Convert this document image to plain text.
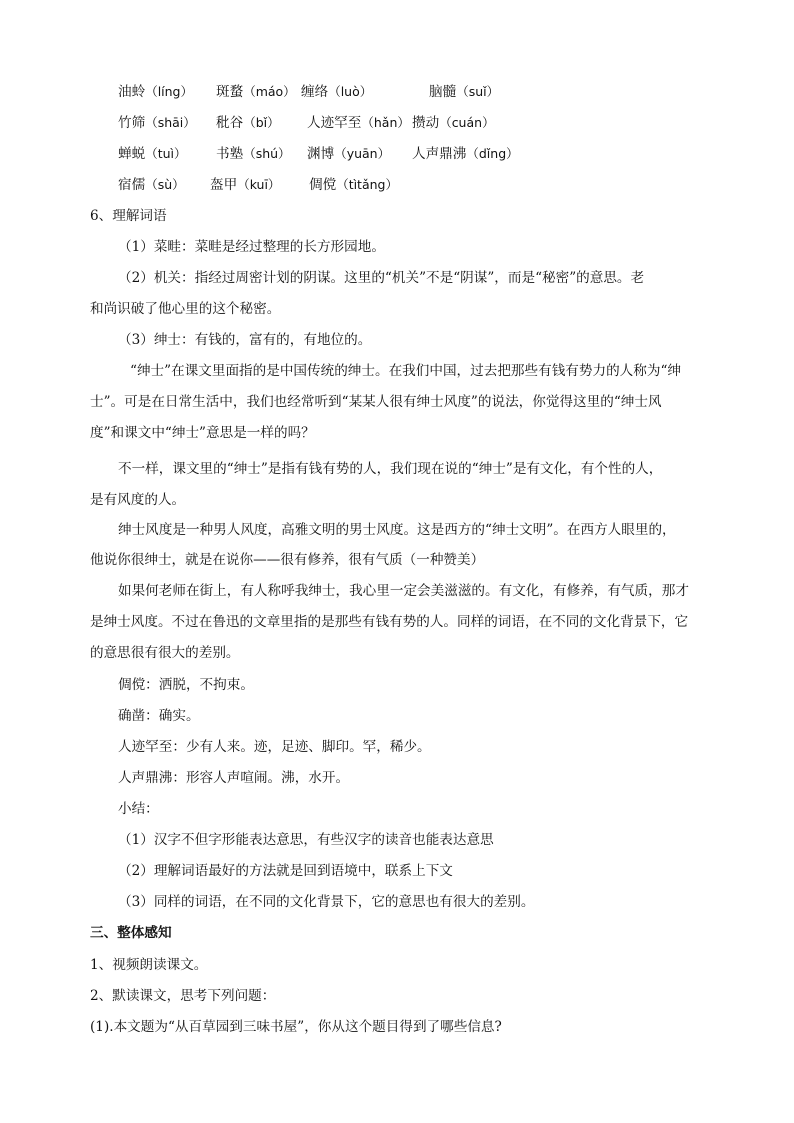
油蛉（líng） 斑蝥（máo） 缠络（luò）	脑髓（suǐ）
竹筛（shāi） 秕谷（bǐ） 人迹罕至（hǎn） 攒动（cuán）
蝉蜕（tuì） 书塾（shú） 渊博（yuān） 人声鼎沸（dǐng）
宿儒（sù） 盔甲（kuī） 倜傥（tìtǎng）
6、理解词语
（1）菜畦：菜畦是经过整理的长方形园地。
（2）机关：指经过周密计划的阴谋。这里的“机关”不是“阴谋”，而是“秘密”的意思。老
和尚识破了他心里的这个秘密。
（3）绅士：有钱的，富有的，有地位的。
“绅士”在课文里面指的是中国传统的绅士。在我们中国，过去把那些有钱有势力的人称为“绅
士”。可是在日常生活中，我们也经常听到“某某人很有绅士风度”的说法，你觉得这里的“绅士风
度”和课文中“绅士”意思是一样的吗？
不一样，课文里的“绅士”是指有钱有势的人，我们现在说的“绅士”是有文化，有个性的人，
是有风度的人。
绅士风度是一种男人风度，高雅文明的男士风度。这是西方的“绅士文明”。在西方人眼里的，
他说你很绅士，就是在说你——很有修养，很有气质（一种赞美）
如果何老师在街上，有人称呼我绅士，我心里一定会美滋滋的。有文化，有修养，有气质，那才
是绅士风度。不过在鲁迅的文章里指的是那些有钱有势的人。同样的词语，在不同的文化背景下，它
的意思很有很大的差别。
倜傥：洒脱，不拘束。
确凿：确实。
人迹罕至：少有人来。迹，足迹、脚印。罕，稀少。
人声鼎沸：形容人声喧闹。沸，水开。
小结：
（1）汉字不但字形能表达意思，有些汉字的读音也能表达意思
（2）理解词语最好的方法就是回到语境中，联系上下文
（3）同样的词语，在不同的文化背景下，它的意思也有很大的差别。
三、整体感知
1、视频朗读课文。
2、默读课文，思考下列问题：
(1).本文题为“从百草园到三味书屋”，你从这个题目得到了哪些信息?
